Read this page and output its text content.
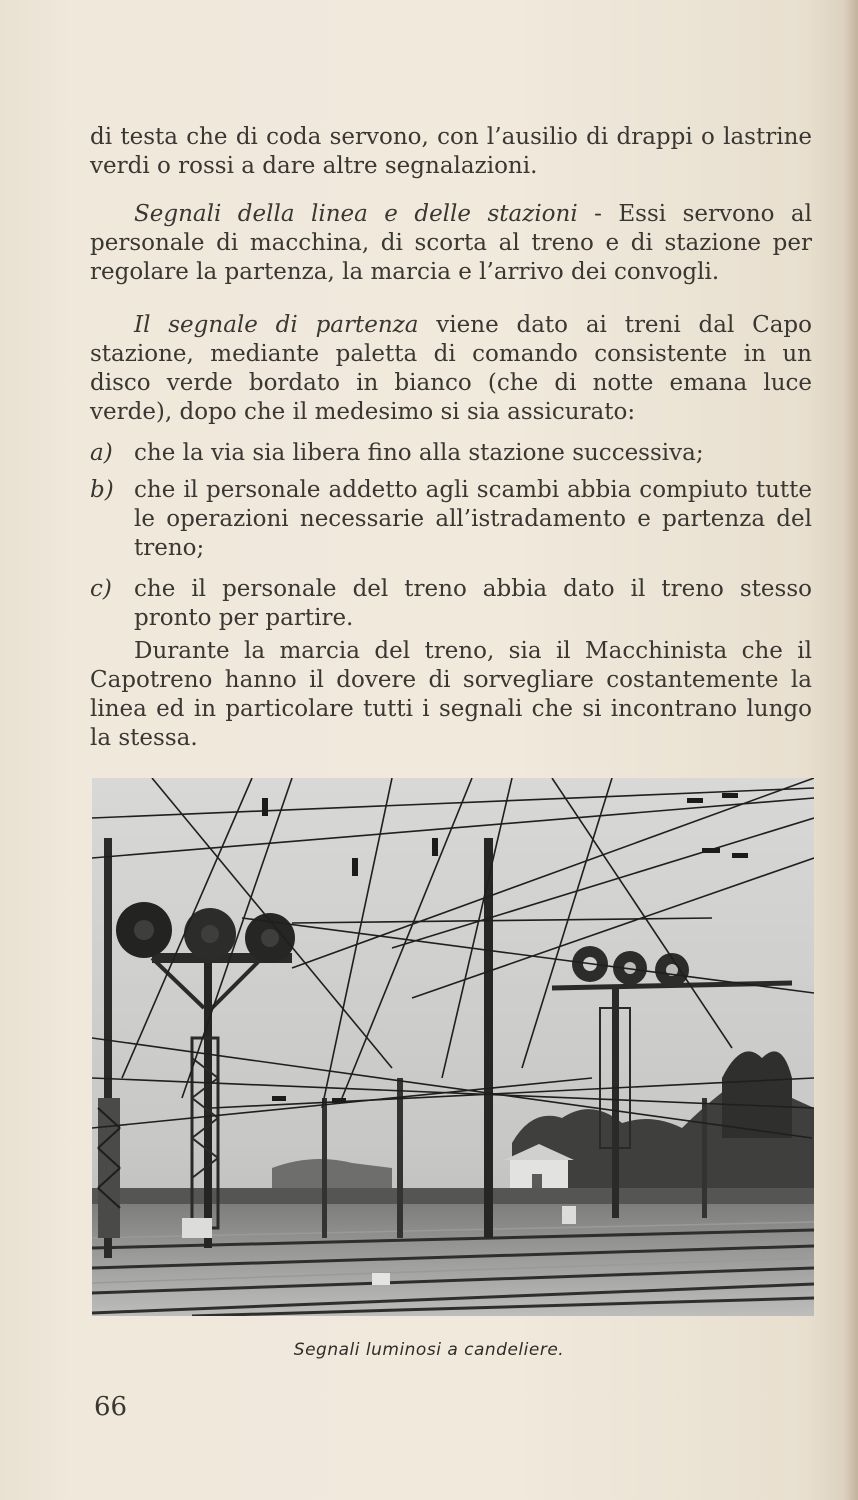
di testa che di coda servono, con l’ausilio di drappi o lastrine verdi o rossi a dare altre segnalazioni.

Segnali della linea e delle stazioni - Essi servono al personale di macchina, di scorta al treno e di stazione per regolare la partenza, la marcia e l’arrivo dei convogli.

Il segnale di partenza viene dato ai treni dal Capo stazione, mediante paletta di comando consistente in un disco verde bordato in bianco (che di notte emana luce verde), dopo che il medesimo si sia assicurato:

a) che la via sia libera fino alla stazione successiva;
b) che il personale addetto agli scambi abbia compiuto tutte le operazioni necessarie all’istradamento e partenza del treno;
c) che il personale del treno abbia dato il treno stesso pronto per partire.

Durante la marcia del treno, sia il Macchinista che il Capotreno hanno il dovere di sorvegliare costantemente la linea ed in particolare tutti i segnali che si incontrano lungo la stessa.

Segnali luminosi a candeliere.
66
